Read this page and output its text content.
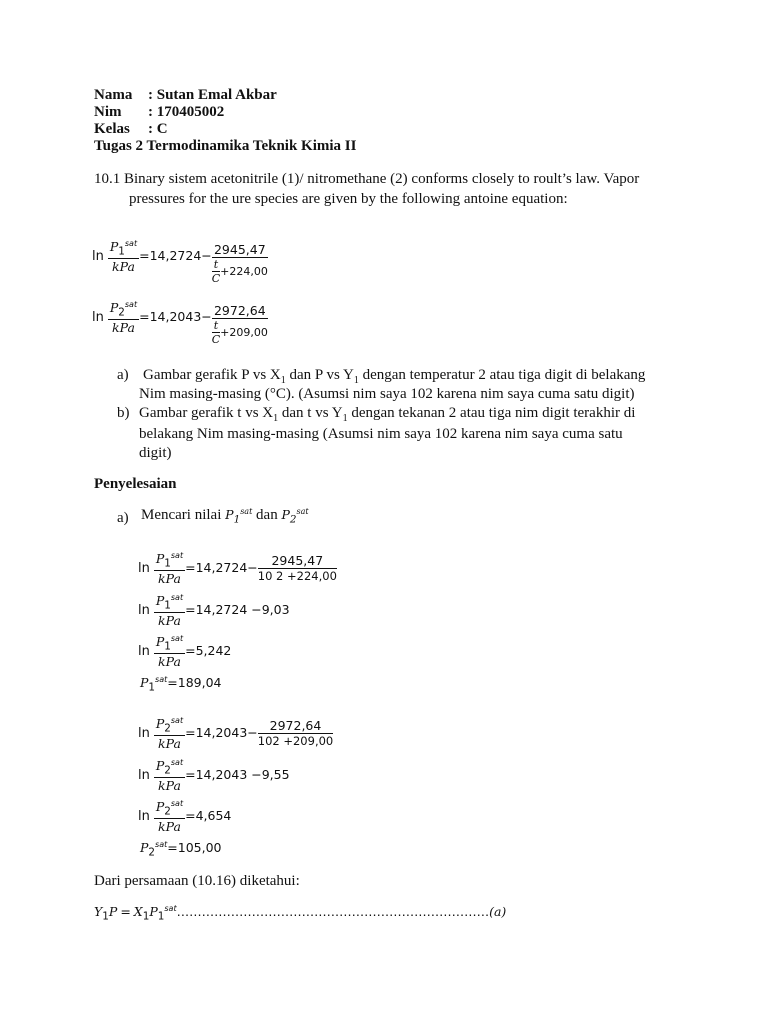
Nama : Sutan Emal Akbar
Nim : 170405002
Kelas : C
Tugas 2 Termodinamika Teknik Kimia II
10.1 Binary sistem acetonitrile (1)/ nitromethane (2) conforms closely to roult’s law. Vapor
pressures for the ure species are given by the following antoine equation:
$\ln \frac{P_1^{sat}}{\text{kPa}} =14,2724- \frac{2945,47}{\frac{t}{C} +224,00}$
$\ln \frac{P_2^{sat}}{\text{kPa}} =14,2043- \frac{2972,64}{\frac{t}{C} +209,00}$
a) Gambar gerafik P vs $X_1$ dan P vs $Y_1$ dengan temperatur 2 atau tiga digit di belakang
Nim masing-masing (°C). (Asumsi nim saya 102 karena nim saya cuma satu digit)
b) Gambar gerafik t vs $X_1$ dan t vs $Y_1$ dengan tekanan 2 atau tiga nim digit terakhir di
belakang Nim masing-masing (Asumsi nim saya 102 karena nim saya cuma satu
digit)
Penyelesaian
a) Mencari nilai $P_1^{sat}$ dan $P_2^{sat}$
$\ln \frac{P_1^{sat}}{\text{kPa}} =14,2724- \frac{2945,47}{10 2 +224,00}$
$\ln \frac{P_1^{sat}}{\text{kPa}} =14,2724 -9,03$
$\ln \frac{P_1^{sat}}{\text{kPa}} =5,242$
$P_1^{sat}=189,04$
$\ln \frac{P_2^{sat}}{\text{kPa}} =14,2043- \frac{2972,64}{102 +209,00}$
$\ln \frac{P_2^{sat}}{\text{kPa}} =14,2043 -9,55$
$\ln \frac{P_2^{sat}}{\text{kPa}} =4,654$
$P_2^{sat}=105,00$
Dari persamaan (10.16) diketahui:
$Y_1P$ = $X_1P_1^{sat}\dots\dots\dots\dots\dots\dots\dots\dots\dots\dots\dots\dots\dots\dots\dots\dots\dots\dots\dots\dots\dots\dots\dots\dots\dots(a)$
